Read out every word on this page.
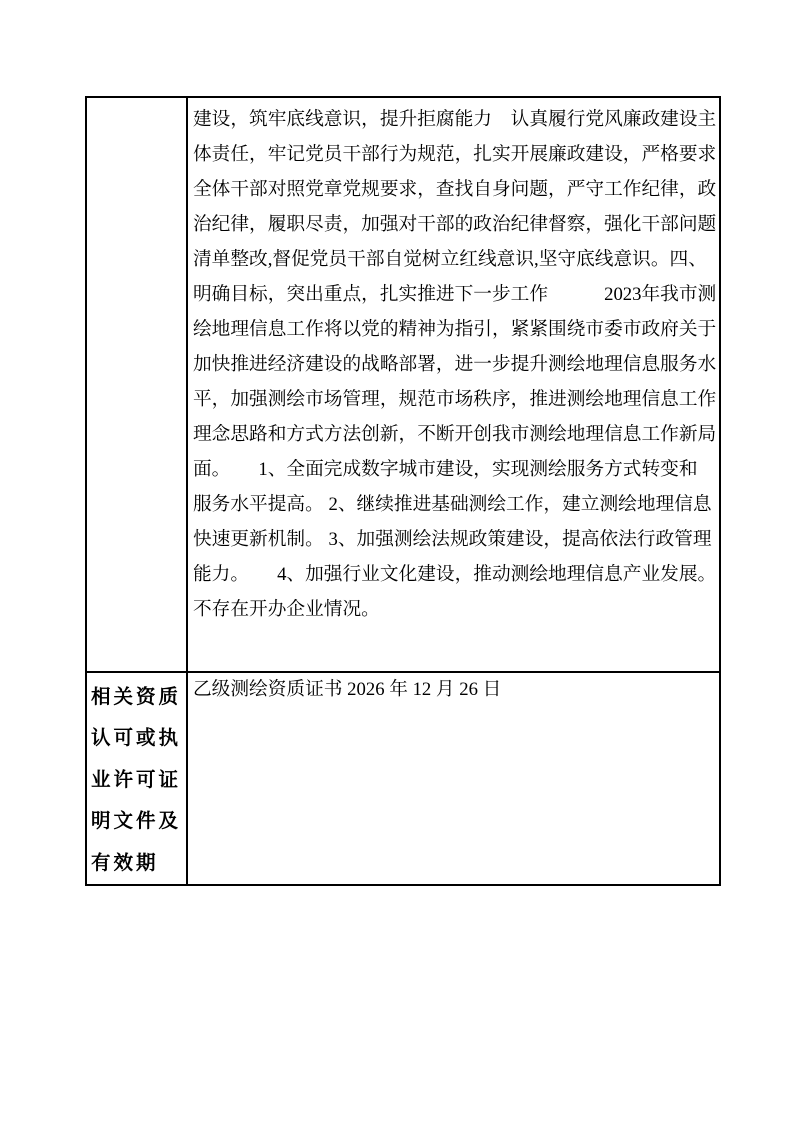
建设，筑牢底线意识，提升拒腐能力　认真履行党风廉政建设主
体责任，牢记党员干部行为规范，扎实开展廉政建设，严格要求
全体干部对照党章党规要求，查找自身问题，严守工作纪律，政
治纪律，履职尽责，加强对干部的政治纪律督察，强化干部问题
清单整改,督促党员干部自觉树立红线意识,坚守底线意识。四、
明确目标，突出重点，扎实推进下一步工作　　　2023年我市测
绘地理信息工作将以党的精神为指引，紧紧围绕市委市政府关于
加快推进经济建设的战略部署，进一步提升测绘地理信息服务水
平，加强测绘市场管理，规范市场秩序，推进测绘地理信息工作
理念思路和方式方法创新，不断开创我市测绘地理信息工作新局
面。　　1、全面完成数字城市建设，实现测绘服务方式转变和
服务水平提高。 2、继续推进基础测绘工作，建立测绘地理信息
快速更新机制。 3、加强测绘法规政策建设，提高依法行政管理
能力。　　4、加强行业文化建设，推动测绘地理信息产业发展。
不存在开办企业情况。
相关资质
认可或执
业许可证
明文件及
有效期
乙级测绘资质证书 2026 年 12 月 26 日
